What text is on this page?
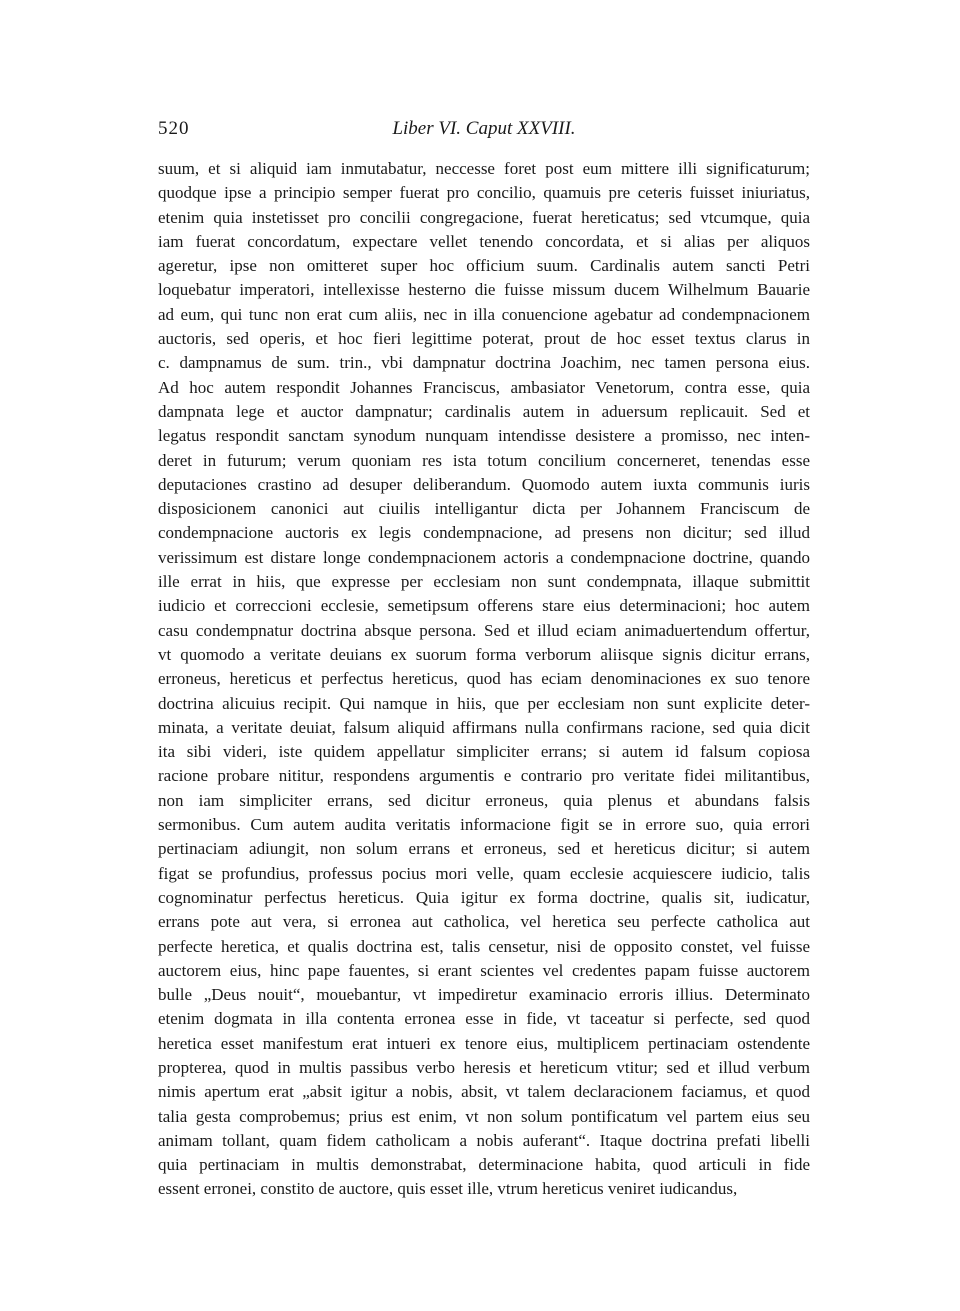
520	Liber VI. Caput XXVIII.
suum, et si aliquid iam inmutabatur, neccesse foret post eum mittere illi significaturum;
quodque ipse a principio semper fuerat pro concilio, quamuis pre ceteris fuisset iniuriatus,
etenim quia instetisset pro concilii congregacione, fuerat hereticatus; sed vtcumque, quia
iam fuerat concordatum, expectare vellet tenendo concordata, et si alias per aliquos
ageretur, ipse non omitteret super hoc officium suum. Cardinalis autem sancti Petri
loquebatur imperatori, intellexisse hesterno die fuisse missum ducem Wilhelmum Bauarie
ad eum, qui tunc non erat cum aliis, nec in illa conuencione agebatur ad condempnacionem
auctoris, sed operis, et hoc fieri legittime poterat, prout de hoc esset textus clarus in
c. dampnamus de sum. trin., vbi dampnatur doctrina Joachim, nec tamen persona eius.
Ad hoc autem respondit Johannes Franciscus, ambasiator Venetorum, contra esse, quia
dampnata lege et auctor dampnatur; cardinalis autem in aduersum replicauit. Sed et
legatus respondit sanctam synodum nunquam intendisse desistere a promisso, nec inten-
deret in futurum; verum quoniam res ista totum concilium concerneret, tenendas esse
deputaciones crastino ad desuper deliberandum. Quomodo autem iuxta communis iuris
disposicionem canonici aut ciuilis intelligantur dicta per Johannem Franciscum de
condempnacione auctoris ex legis condempnacione, ad presens non dicitur; sed illud
verissimum est distare longe condempnacionem actoris a condempnacione doctrine, quando
ille errat in hiis, que expresse per ecclesiam non sunt condempnata, illaque submittit
iudicio et correccioni ecclesie, semetipsum offerens stare eius determinacioni; hoc autem
casu condempnatur doctrina absque persona. Sed et illud eciam animaduertendum offertur,
vt quomodo a veritate deuians ex suorum forma verborum aliisque signis dicitur errans,
erroneus, hereticus et perfectus hereticus, quod has eciam denominaciones ex suo tenore
doctrina alicuius recipit. Qui namque in hiis, que per ecclesiam non sunt explicite deter-
minata, a veritate deuiat, falsum aliquid affirmans nulla confirmans racione, sed quia dicit
ita sibi videri, iste quidem appellatur simpliciter errans; si autem id falsum copiosa
racione probare nititur, respondens argumentis e contrario pro veritate fidei militantibus,
non iam simpliciter errans, sed dicitur erroneus, quia plenus et abundans falsis
sermonibus. Cum autem audita veritatis informacione figit se in errore suo, quia errori
pertinaciam adiungit, non solum errans et erroneus, sed et hereticus dicitur; si autem
figat se profundius, professus pocius mori velle, quam ecclesie acquiescere iudicio, talis
cognominatur perfectus hereticus. Quia igitur ex forma doctrine, qualis sit, iudicatur,
errans pote aut vera, si erronea aut catholica, vel heretica seu perfecte catholica aut
perfecte heretica, et qualis doctrina est, talis censetur, nisi de opposito constet, vel fuisse
auctorem eius, hinc pape fauentes, si erant scientes vel credentes papam fuisse auctorem
bulle „Deus nouit“, mouebantur, vt impediretur examinacio erroris illius. Determinato
etenim dogmata in illa contenta erronea esse in fide, vt taceatur si perfecte, sed quod
heretica esset manifestum erat intueri ex tenore eius, multiplicem pertinaciam ostendente
propterea, quod in multis passibus verbo heresis et hereticum vtitur; sed et illud verbum
nimis apertum erat „absit igitur a nobis, absit, vt talem declaracionem faciamus, et quod
talia gesta comprobemus; prius est enim, vt non solum pontificatum vel partem eius seu
animam tollant, quam fidem catholicam a nobis auferant“. Itaque doctrina prefati libelli
quia pertinaciam in multis demonstrabat, determinacione habita, quod articuli in fide
essent erronei, constito de auctore, quis esset ille, vtrum hereticus veniret iudicandus,
